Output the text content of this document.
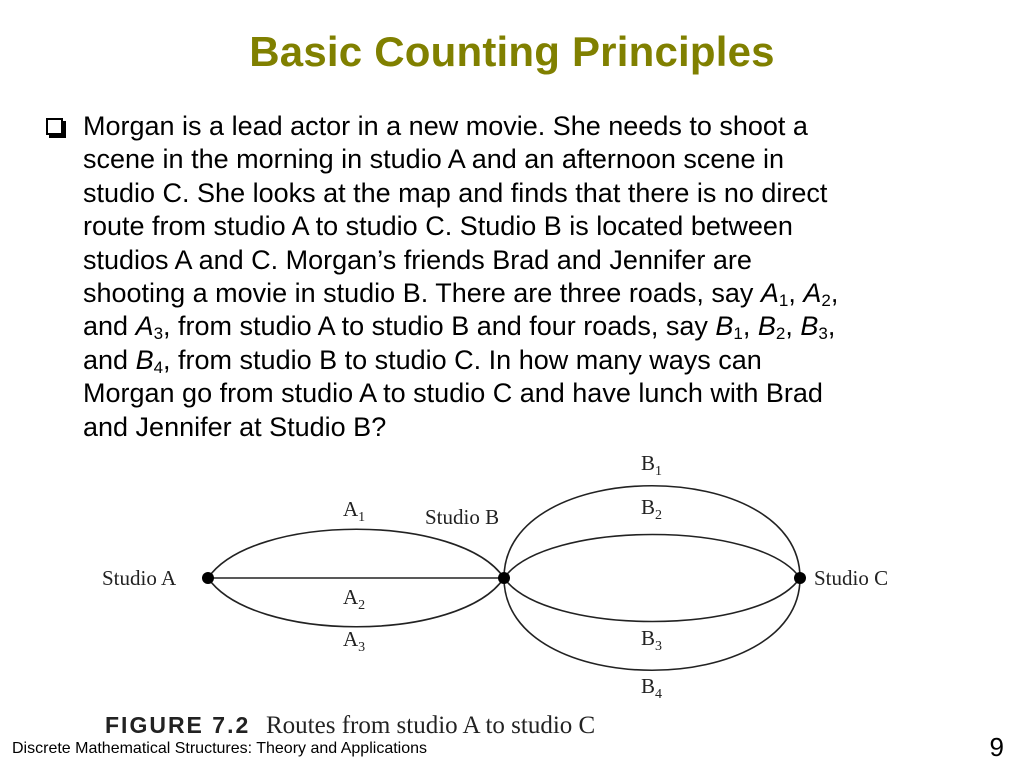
Basic Counting Principles
Morgan is a lead actor in a new movie. She needs to shoot a
scene in the morning in studio A and an afternoon scene in
studio C. She looks at the map and finds that there is no direct
route from studio A to studio C. Studio B is located between
studios A and C. Morgan’s friends Brad and Jennifer are
shooting a movie in studio B. There are three roads, say $A_1$, $A_2$,
and $A_3$, from studio A to studio B and four roads, say $B_1$, $B_2$, $B_3$,
and $B_4$, from studio B to studio C. In how many ways can
Morgan go from studio A to studio C and have lunch with Brad
and Jennifer at Studio B?
Studio A
Studio B
Studio C
$A_1$
$A_2$
$A_3$
$B_1$
$B_2$
$B_3$
$B_4$
FIGURE 7.2 Routes from studio A to studio C
Discrete Mathematical Structures: Theory and Applications	9
